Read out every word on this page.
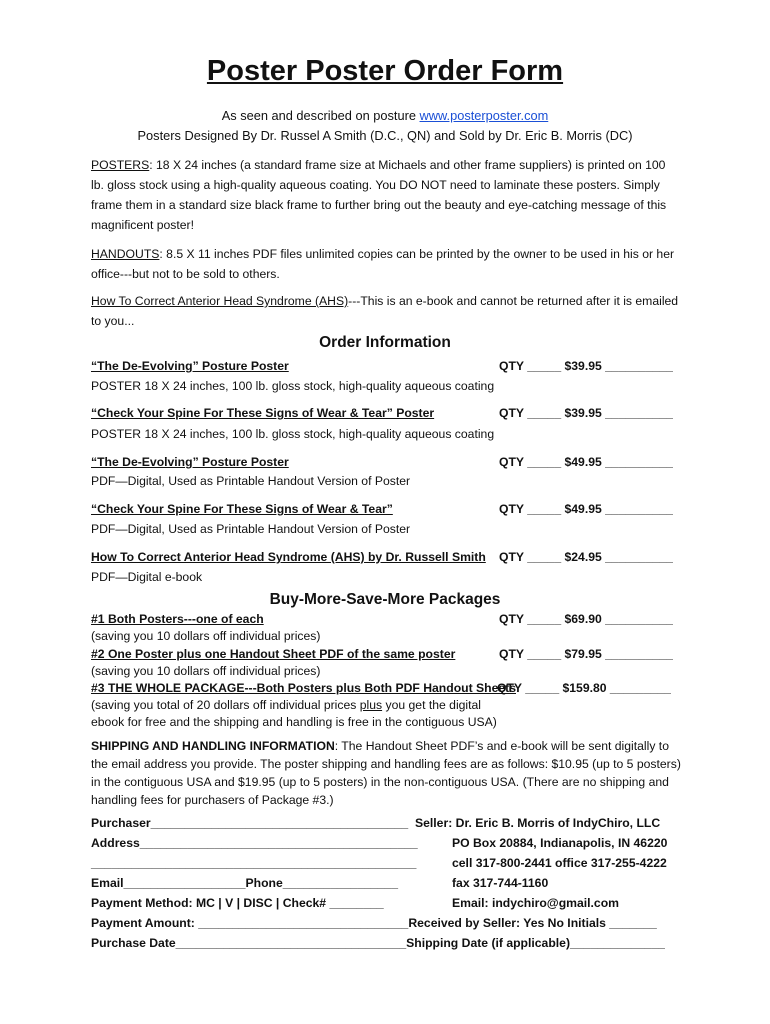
Poster Poster Order Form
As seen and described on posture www.posterposter.com
Posters Designed By Dr. Russel A Smith (D.C., QN) and Sold by Dr. Eric B. Morris (DC)
POSTERS: 18 X 24 inches (a standard frame size at Michaels and other frame suppliers) is printed on 100 lb. gloss stock using a high-quality aqueous coating. You DO NOT need to laminate these posters. Simply frame them in a standard size black frame to further bring out the beauty and eye-catching message of this magnificent poster!
HANDOUTS: 8.5 X 11 inches PDF files unlimited copies can be printed by the owner to be used in his or her office---but not to be sold to others.
How To Correct Anterior Head Syndrome (AHS)---This is an e-book and cannot be returned after it is emailed to you...
Order Information
“The De-Evolving” Posture Poster	QTY _____ $39.95 __________
POSTER 18 X 24 inches, 100 lb. gloss stock, high-quality aqueous coating
“Check Your Spine For These Signs of Wear & Tear” Poster	QTY _____ $39.95 __________
POSTER 18 X 24 inches, 100 lb. gloss stock, high-quality aqueous coating
“The De-Evolving” Posture Poster	QTY _____ $49.95 __________
PDF—Digital, Used as Printable Handout Version of Poster
“Check Your Spine For These Signs of Wear & Tear”	QTY _____ $49.95 __________
PDF—Digital, Used as Printable Handout Version of Poster
How To Correct Anterior Head Syndrome (AHS) by Dr. Russell Smith QTY _____ $24.95 __________
PDF—Digital e-book
Buy-More-Save-More Packages
#1 Both Posters---one of each	QTY _____ $69.90 __________
(saving you 10 dollars off individual prices)
#2 One Poster plus one Handout Sheet PDF of the same poster	QTY _____ $79.95 __________
(saving you 10 dollars off individual prices)
#3 THE WHOLE PACKAGE---Both Posters plus Both PDF Handout Sheets
QTY _____ $159.80 _________
(saving you total of 20 dollars off individual prices plus you get the digital ebook for free and the shipping and handling is free in the contiguous USA)
SHIPPING AND HANDLING INFORMATION: The Handout Sheet PDF’s and e-book will be sent digitally to the email address you provide. The poster shipping and handling fees are as follows: $10.95 (up to 5 posters) in the contiguous USA and $19.95 (up to 5 posters) in the non-contiguous USA. (There are no shipping and handling fees for purchasers of Package #3.)
Purchaser______________________________________
Address_________________________________________
________________________________________________
Email__________________Phone_________________
Payment Method: MC | V | DISC | Check# ________
Payment Amount: _______________________________Received by Seller: Yes No Initials _______
Purchase Date__________________________________Shipping Date (if applicable)______________
Seller: Dr. Eric B. Morris of IndyChiro, LLC
PO Box 20884, Indianapolis, IN 46220
cell 317-800-2441 office 317-255-4222
fax 317-744-1160
Email: indychiro@gmail.com
